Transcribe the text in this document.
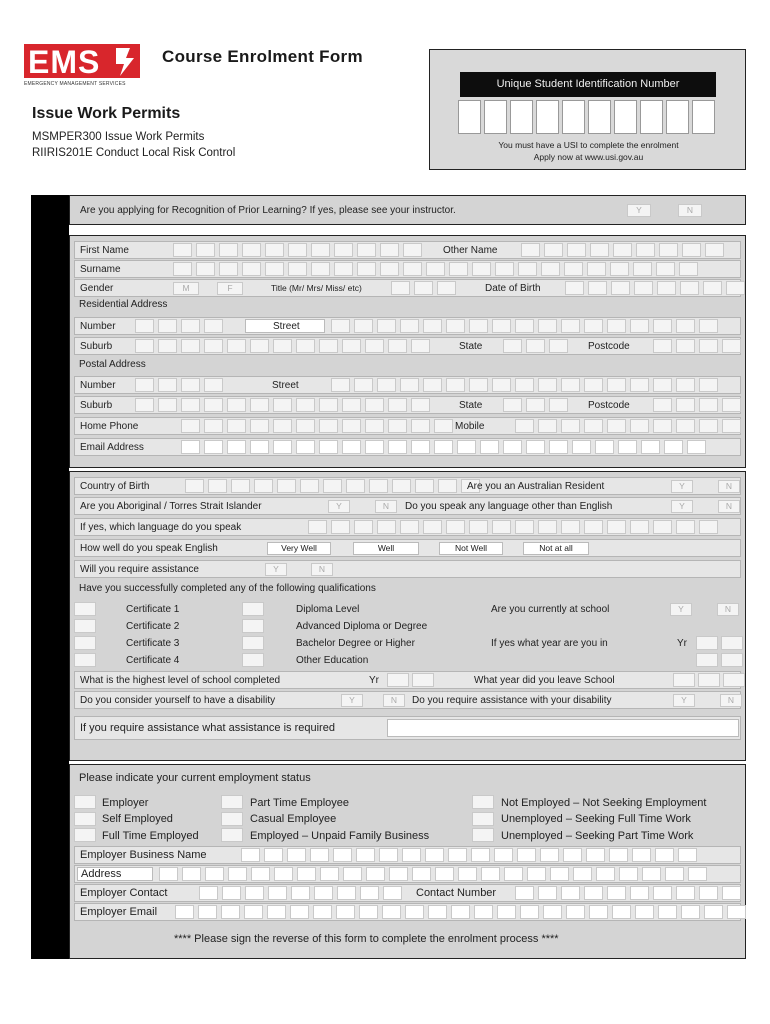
EMS
EMERGENCY MANAGEMENT SERVICES
Course Enrolment Form
Issue Work Permits
MSMPER300 Issue Work Permits
RIIRIS201E Conduct Local Risk Control
Unique Student Identification Number
You must have a USI to complete the enrolment
Apply now at www.usi.gov.au
Are you applying for Recognition of Prior Learning? If yes, please see your instructor.	Y	N
First Name	Other Name
Surname
Gender	M	F	Title (Mr/ Mrs/ Miss/ etc)	Date of Birth
Residential Address
Number	Street
Suburb	State	Postcode
Postal Address
Number	Street
Suburb	State	Postcode
Home Phone	Mobile
Email Address
Country of Birth	Are you an Australian Resident	Y	N
Are you Aboriginal / Torres Strait Islander	Y	N	Do you speak any language other than English	Y	N
If yes, which language do you speak
How well do you speak English	Very Well	Well	Not Well	Not at all
Will you require assistance	Y	N
Have you successfully completed any of the following qualifications
Certificate 1	Diploma Level	Are you currently at school	Y	N
Certificate 2	Advanced Diploma or Degree
Certificate 3	Bachelor Degree or Higher	If yes what year are you in	Yr
Certificate 4	Other Education
What is the highest level of school completed	Yr	What year did you leave School
Do you consider yourself to have a disability	Y	N	Do you require assistance with your disability	Y	N
If you require assistance what assistance is required
Please indicate your current employment status
Employer
Self Employed
Full Time Employed
Part Time Employee
Casual Employee
Employed – Unpaid Family Business
Not Employed – Not Seeking Employment
Unemployed – Seeking Full Time Work
Unemployed – Seeking Part Time Work
Employer Business Name
Address
Employer Contact	Contact Number
Employer Email
**** Please sign the reverse of this form to complete the enrolment process ****
